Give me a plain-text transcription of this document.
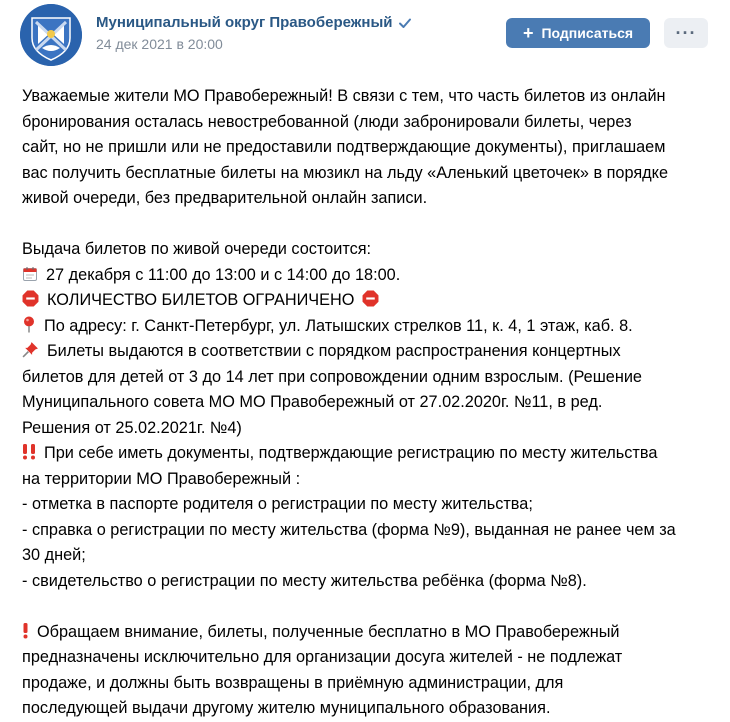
Муниципальный округ Правобережный
24 дек 2021 в 20:00
+ Подписаться	···
Уважаемые жители МО Правобережный! В связи с тем, что часть билетов из онлайн
бронирования осталась невостребованной (люди забронировали билеты, через
сайт, но не пришли или не предоставили подтверждающие документы), приглашаем
вас получить бесплатные билеты на мюзикл на льду «Аленький цветочек» в порядке
живой очереди, без предварительной онлайн записи.
Выдача билетов по живой очереди состоится:
27 декабря с 11:00 до 13:00 и с 14:00 до 18:00.
КОЛИЧЕСТВО БИЛЕТОВ ОГРАНИЧЕНО
По адресу: г. Санкт-Петербург, ул. Латышских стрелков 11, к. 4, 1 этаж, каб. 8.
Билеты выдаются в соответствии с порядком распространения концертных
билетов для детей от 3 до 14 лет при сопровождении одним взрослым. (Решение
Муниципального совета МО МО Правобережный от 27.02.2020г. №11, в ред.
Решения от 25.02.2021г. №4)
При себе иметь документы, подтверждающие регистрацию по месту жительства
на территории МО Правобережный :
- отметка в паспорте родителя о регистрации по месту жительства;
- справка о регистрации по месту жительства (форма №9), выданная не ранее чем за
30 дней;
- свидетельство о регистрации по месту жительства ребёнка (форма №8).
Обращаем внимание, билеты, полученные бесплатно в МО Правобережный
предназначены исключительно для организации досуга жителей - не подлежат
продаже, и должны быть возвращены в приёмную администрации, для
последующей выдачи другому жителю муниципального образования.
